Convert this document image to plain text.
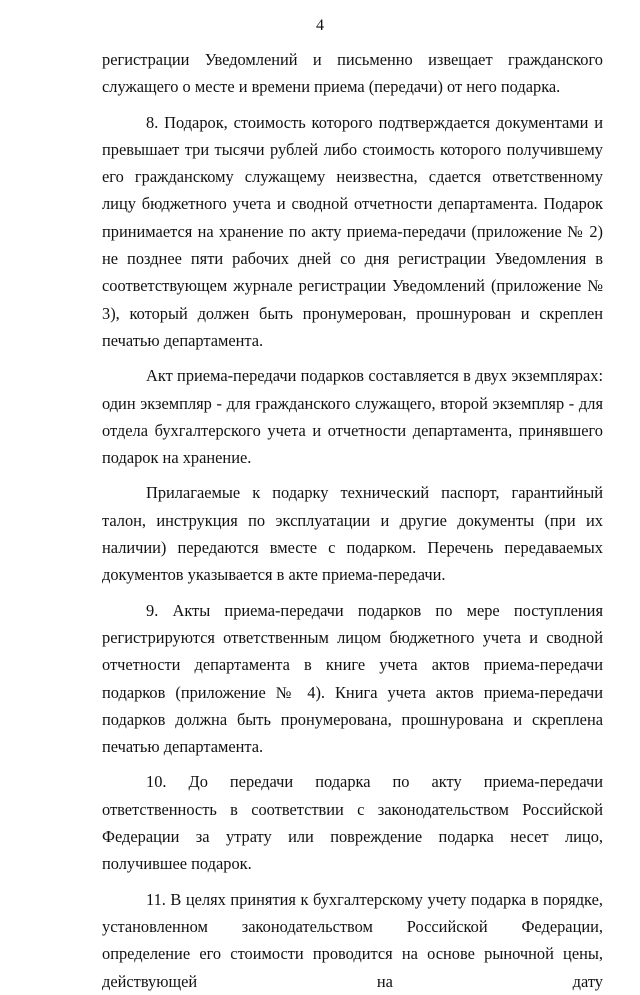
4

регистрации Уведомлений и письменно извещает гражданского служащего о месте и времени приема (передачи) от него подарка.

8. Подарок, стоимость которого подтверждается документами и превышает три тысячи рублей либо стоимость которого получившему его гражданскому служащему неизвестна, сдается ответственному лицу бюджетного учета и сводной отчетности департамента. Подарок принимается на хранение по акту приема-передачи (приложение № 2) не позднее пяти рабочих дней со дня регистрации Уведомления в соответствующем журнале регистрации Уведомлений (приложение № 3), который должен быть пронумерован, прошнурован и скреплен печатью департамента.

Акт приема-передачи подарков составляется в двух экземплярах: один экземпляр - для гражданского служащего, второй экземпляр - для отдела бухгалтерского учета и отчетности департамента, принявшего подарок на хранение.

Прилагаемые к подарку технический паспорт, гарантийный талон, инструкция по эксплуатации и другие документы (при их наличии) передаются вместе с подарком. Перечень передаваемых документов указывается в акте приема-передачи.

9. Акты приема-передачи подарков по мере поступления регистрируются ответственным лицом бюджетного учета и сводной отчетности департамента в книге учета актов приема-передачи подарков (приложение № 4). Книга учета актов приема-передачи подарков должна быть пронумерована, прошнурована и скреплена печатью департамента.

10. До передачи подарка по акту приема-передачи ответственность в соответствии с законодательством Российской Федерации за утрату или повреждение подарка несет лицо, получившее подарок.

11. В целях принятия к бухгалтерскому учету подарка в порядке, установленном законодательством Российской Федерации, определение его стоимости проводится на основе рыночной цены, действующей на дату
